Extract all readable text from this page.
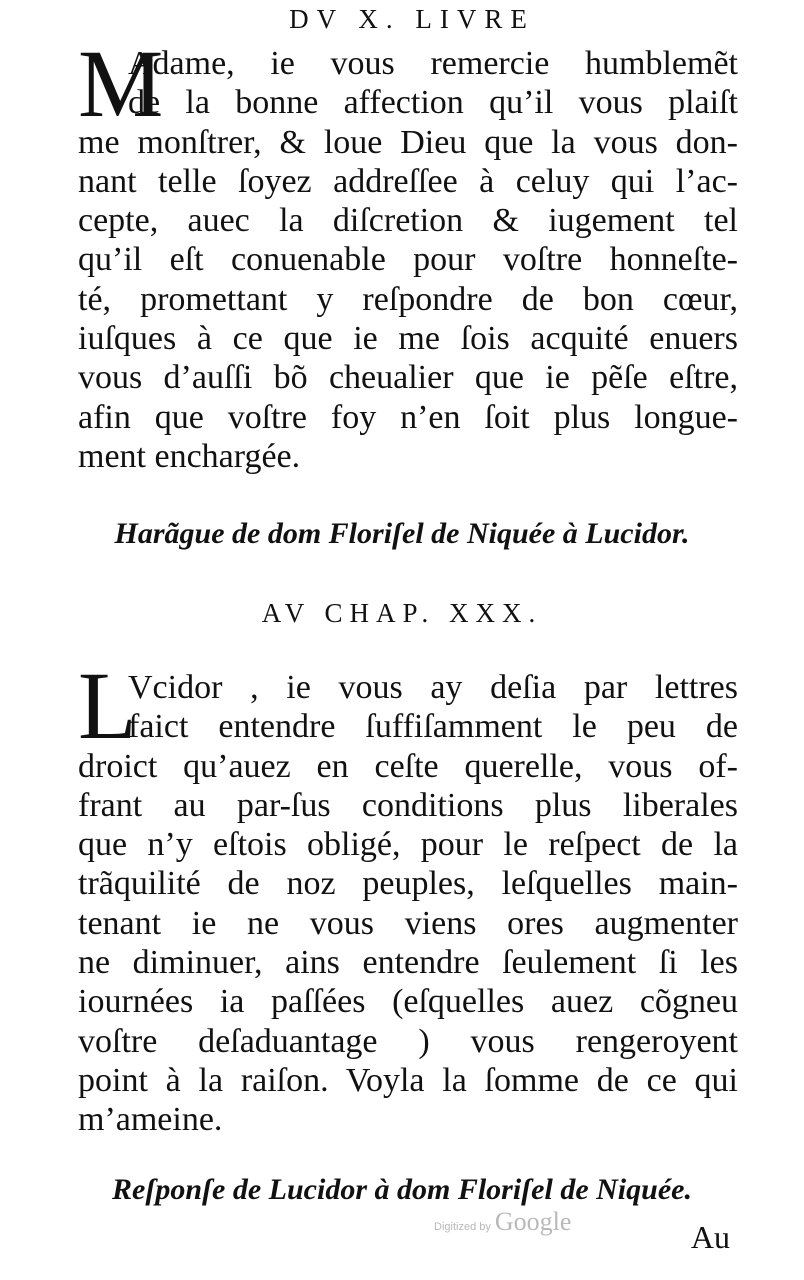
DV X. LIVRE
M
Adame, ie vous remercie humblemẽt
de la bonne affection qu’il vous plaiſt
me monſtrer, & loue Dieu que la vous don-
nant telle ſoyez addreſſee à celuy qui l’ac-
cepte, auec la diſcretion & iugement tel
qu’il eſt conuenable pour voſtre honneſte-
té, promettant y reſpondre de bon cœur,
iuſques à ce que ie me ſois acquité enuers
vous d’auſſi bõ cheualier que ie pẽſe eſtre,
afin que voſtre foy n’en ſoit plus longue-
ment enchargée.
Harãgue de dom Floriſel de Niquée à Lucidor.
AV CHAP. XXX.
L
Vcidor , ie vous ay deſia par lettres
faict entendre ſuffiſamment le peu de
droict qu’auez en ceſte querelle, vous of-
frant au par-ſus conditions plus liberales
que n’y eſtois obligé, pour le reſpect de la
trãquilité de noz peuples, leſquelles main-
tenant ie ne vous viens ores augmenter
ne diminuer, ains entendre ſeulement ſi les
iournées ia paſſées (eſquelles auez cõgneu
voſtre deſaduantage ) vous rengeroyent
point à la raiſon. Voyla la ſomme de ce qui
m’ameine.
Reſponſe de Lucidor à dom Floriſel de Niquée.
Digitized by Google	Au
